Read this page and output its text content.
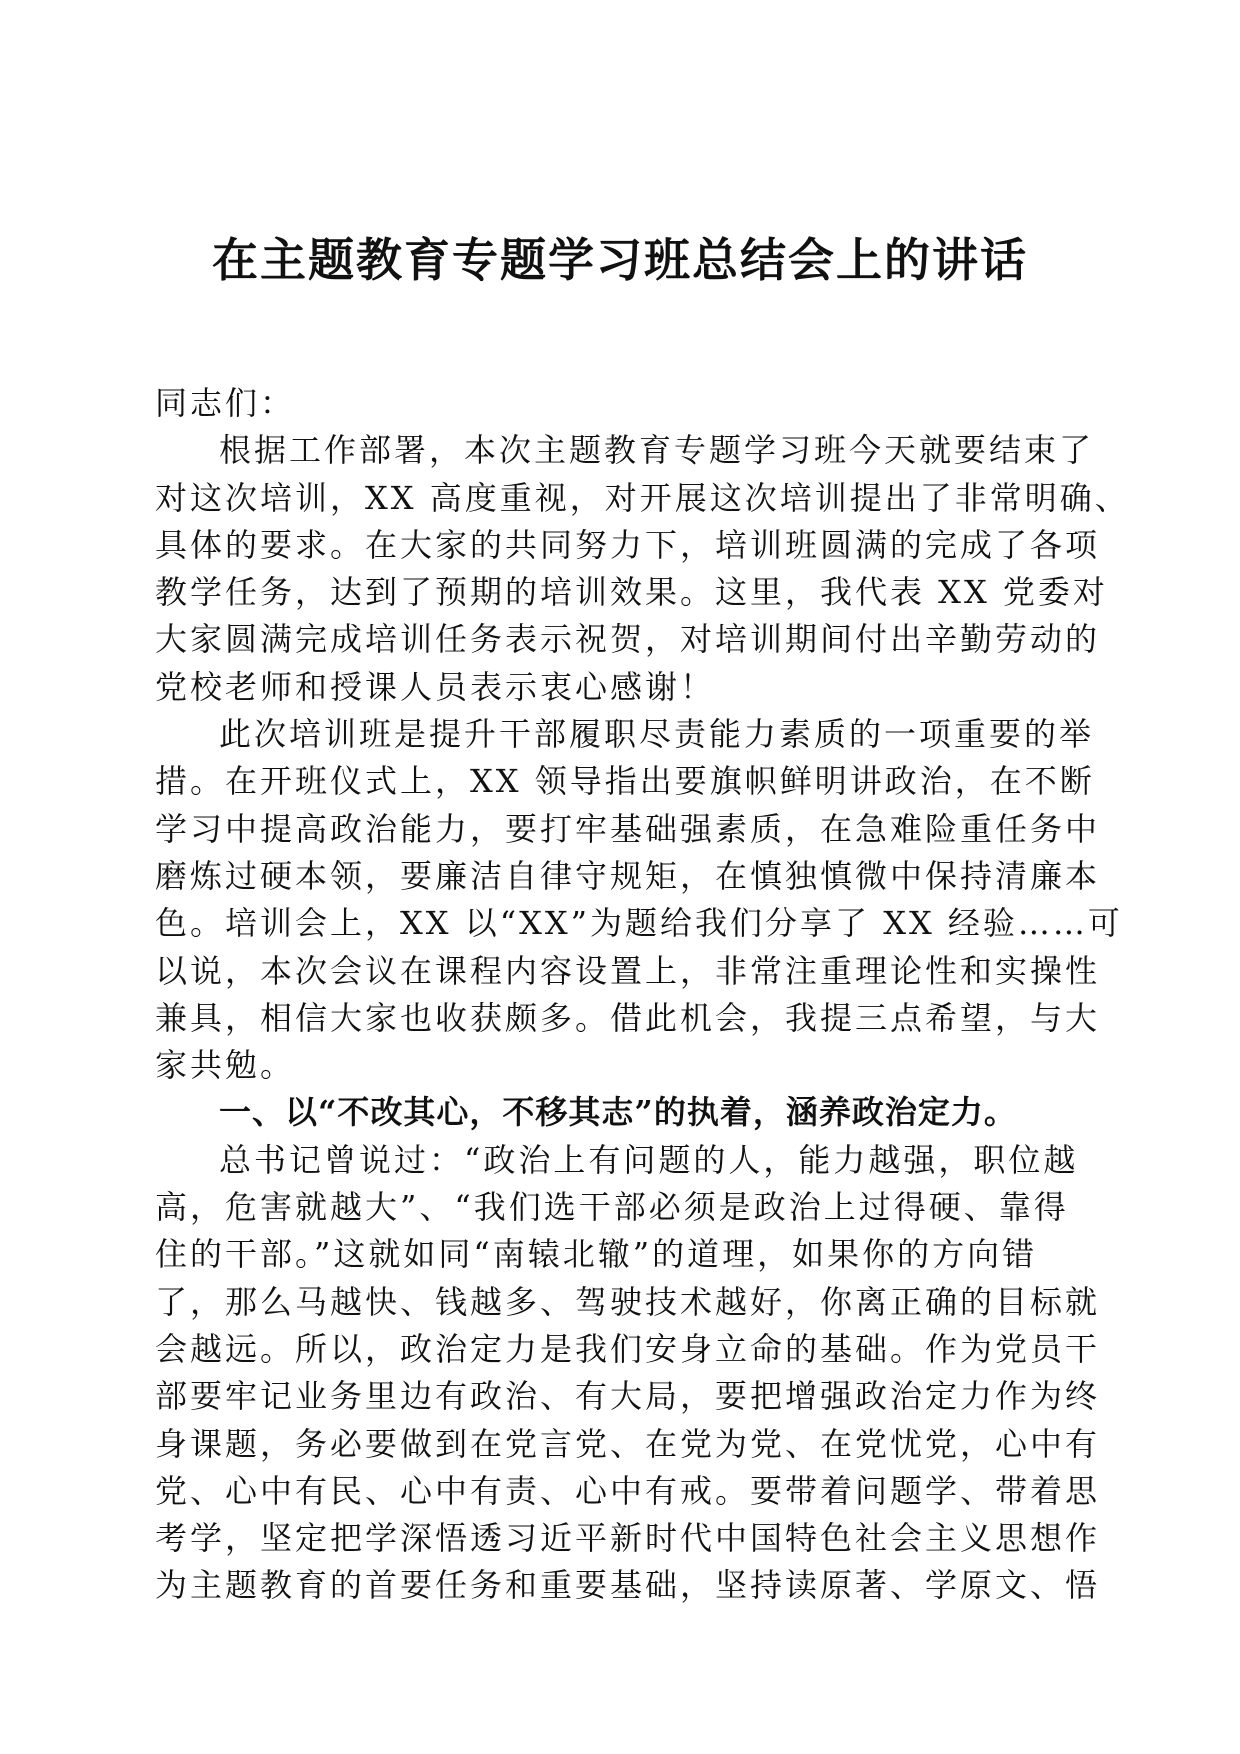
在主题教育专题学习班总结会上的讲话
同志们：
根据工作部署，本次主题教育专题学习班今天就要结束了
对这次培训，XX 高度重视，对开展这次培训提出了非常明确、
具体的要求。在大家的共同努力下，培训班圆满的完成了各项
教学任务，达到了预期的培训效果。这里，我代表 XX 党委对
大家圆满完成培训任务表示祝贺，对培训期间付出辛勤劳动的
党校老师和授课人员表示衷心感谢！
此次培训班是提升干部履职尽责能力素质的一项重要的举
措。在开班仪式上，XX 领导指出要旗帜鲜明讲政治，在不断
学习中提高政治能力，要打牢基础强素质，在急难险重任务中
磨炼过硬本领，要廉洁自律守规矩，在慎独慎微中保持清廉本
色。培训会上，XX 以“XX”为题给我们分享了 XX 经验……可
以说，本次会议在课程内容设置上，非常注重理论性和实操性
兼具，相信大家也收获颇多。借此机会，我提三点希望，与大
家共勉。
一、以“不改其心，不移其志”的执着，涵养政治定力。
总书记曾说过：“政治上有问题的人，能力越强，职位越
高，危害就越大”、“我们选干部必须是政治上过得硬、靠得
住的干部。”这就如同“南辕北辙”的道理，如果你的方向错
了，那么马越快、钱越多、驾驶技术越好，你离正确的目标就
会越远。所以，政治定力是我们安身立命的基础。作为党员干
部要牢记业务里边有政治、有大局，要把增强政治定力作为终
身课题，务必要做到在党言党、在党为党、在党忧党，心中有
党、心中有民、心中有责、心中有戒。要带着问题学、带着思
考学，坚定把学深悟透习近平新时代中国特色社会主义思想作
为主题教育的首要任务和重要基础，坚持读原著、学原文、悟
